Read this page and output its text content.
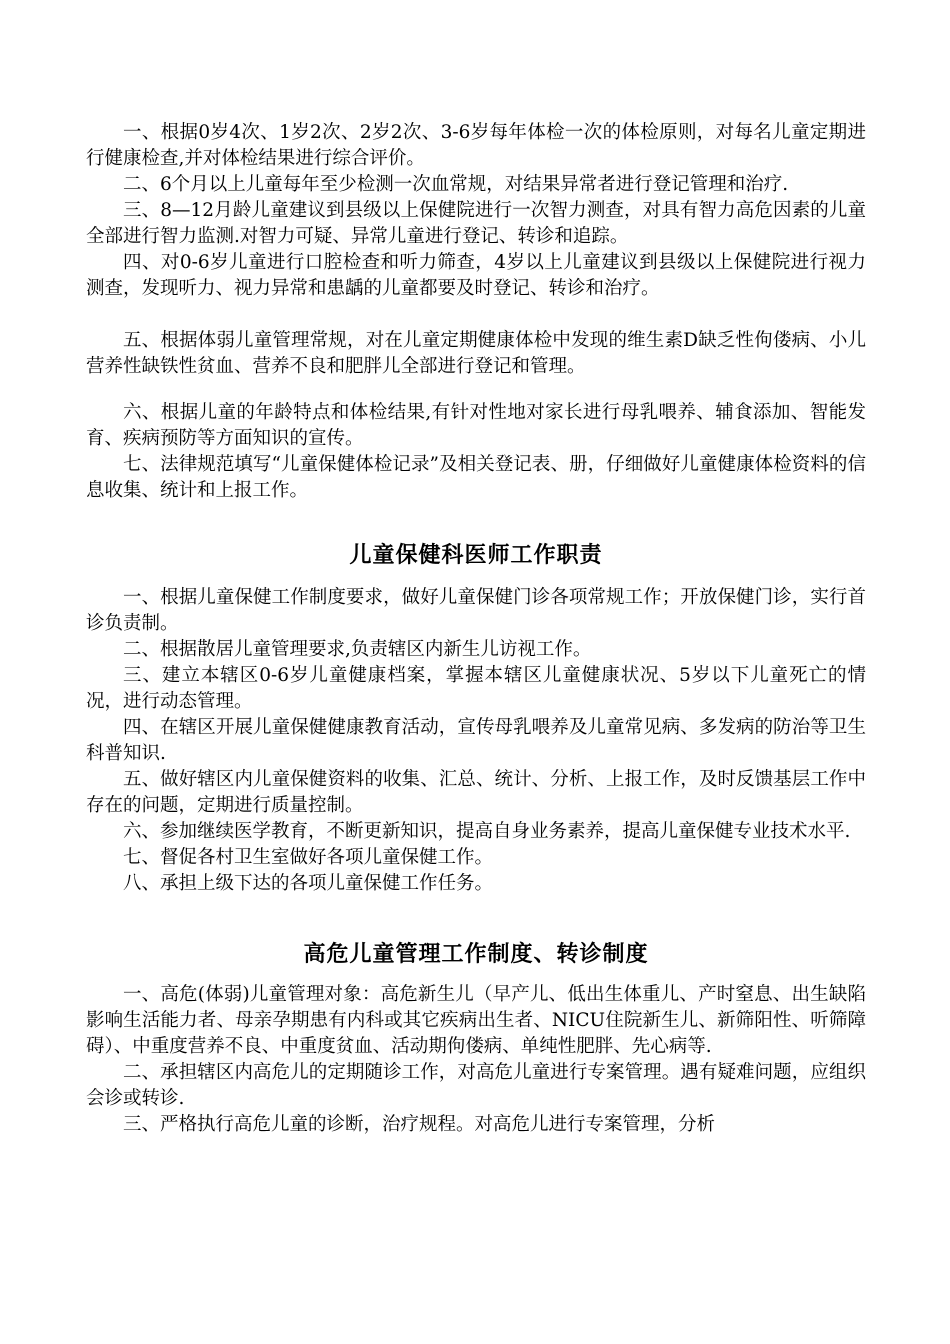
一、根据0岁4次、1岁2次、2岁2次、3-6岁每年体检一次的体检原则，对每名儿童定期进行健康检查,并对体检结果进行综合评价。

二、6个月以上儿童每年至少检测一次血常规，对结果异常者进行登记管理和治疗.

三、8—12月龄儿童建议到县级以上保健院进行一次智力测查，对具有智力高危因素的儿童全部进行智力监测.对智力可疑、异常儿童进行登记、转诊和追踪。

四、对0-6岁儿童进行口腔检查和听力筛查，4岁以上儿童建议到县级以上保健院进行视力测查，发现听力、视力异常和患龋的儿童都要及时登记、转诊和治疗。

五、根据体弱儿童管理常规，对在儿童定期健康体检中发现的维生素D缺乏性佝偻病、小儿营养性缺铁性贫血、营养不良和肥胖儿全部进行登记和管理。

六、根据儿童的年龄特点和体检结果,有针对性地对家长进行母乳喂养、辅食添加、智能发育、疾病预防等方面知识的宣传。

七、法律规范填写“儿童保健体检记录”及相关登记表、册，仔细做好儿童健康体检资料的信息收集、统计和上报工作。

儿童保健科医师工作职责

一、根据儿童保健工作制度要求，做好儿童保健门诊各项常规工作；开放保健门诊，实行首诊负责制。

二、根据散居儿童管理要求,负责辖区内新生儿访视工作。

三、建立本辖区0-6岁儿童健康档案，掌握本辖区儿童健康状况、5岁以下儿童死亡的情况，进行动态管理。

四、在辖区开展儿童保健健康教育活动，宣传母乳喂养及儿童常见病、多发病的防治等卫生科普知识.

五、做好辖区内儿童保健资料的收集、汇总、统计、分析、上报工作，及时反馈基层工作中存在的问题，定期进行质量控制。

六、参加继续医学教育，不断更新知识，提高自身业务素养，提高儿童保健专业技术水平.

七、督促各村卫生室做好各项儿童保健工作。

八、承担上级下达的各项儿童保健工作任务。

高危儿童管理工作制度、转诊制度

一、高危(体弱)儿童管理对象：高危新生儿（早产儿、低出生体重儿、产时窒息、出生缺陷影响生活能力者、母亲孕期患有内科或其它疾病出生者、NICU住院新生儿、新筛阳性、听筛障碍）、中重度营养不良、中重度贫血、活动期佝偻病、单纯性肥胖、先心病等.

二、承担辖区内高危儿的定期随诊工作，对高危儿童进行专案管理。遇有疑难问题，应组织会诊或转诊.

三、严格执行高危儿童的诊断，治疗规程。对高危儿进行专案管理，分析
